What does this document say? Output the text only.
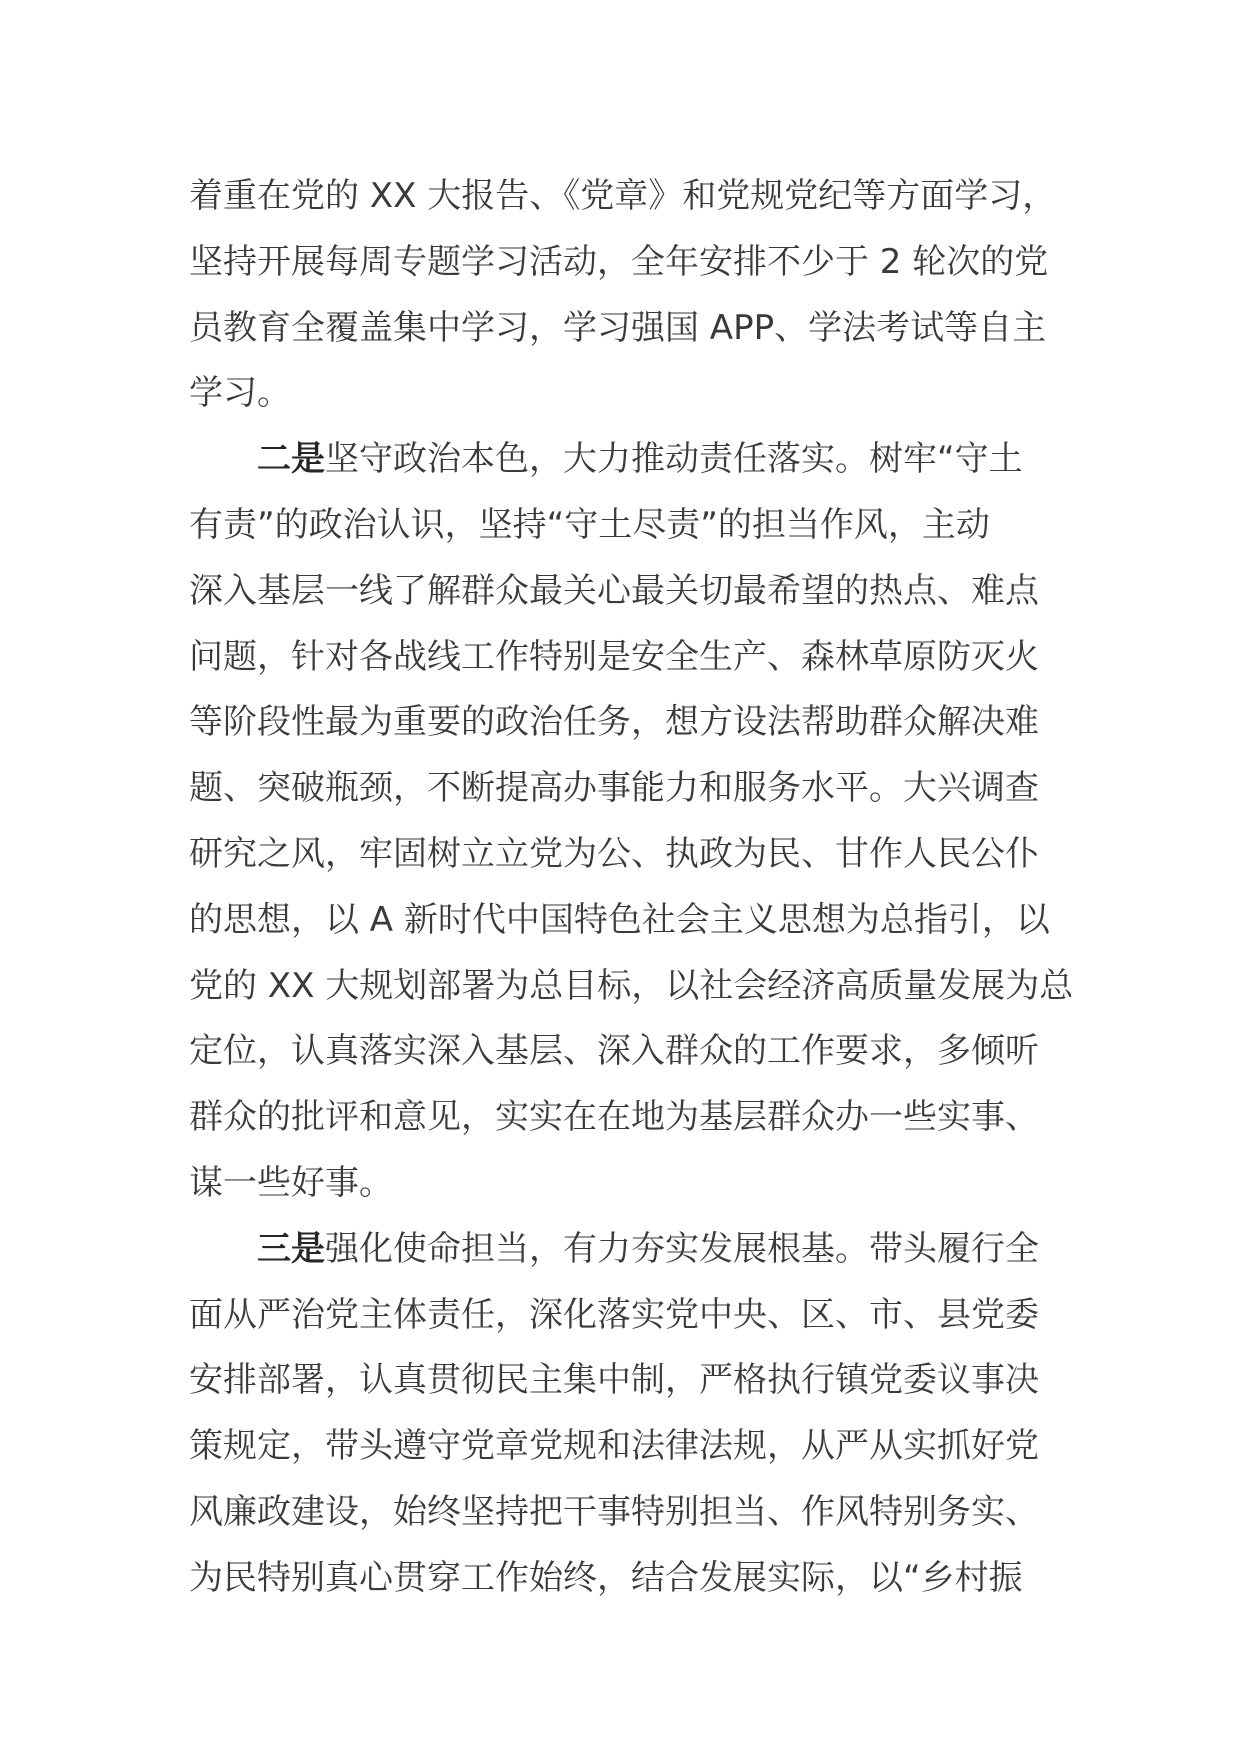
着重在党的 XX 大报告、《党章》和党规党纪等方面学习，
坚持开展每周专题学习活动，全年安排不少于 2 轮次的党
员教育全覆盖集中学习，学习强国 APP、学法考试等自主
学习。
二是坚守政治本色，大力推动责任落实。树牢“守土
有责”的政治认识，坚持“守土尽责”的担当作风，主动
深入基层一线了解群众最关心最关切最希望的热点、难点
问题，针对各战线工作特别是安全生产、森林草原防灭火
等阶段性最为重要的政治任务，想方设法帮助群众解决难
题、突破瓶颈，不断提高办事能力和服务水平。大兴调查
研究之风，牢固树立立党为公、执政为民、甘作人民公仆
的思想，以 A 新时代中国特色社会主义思想为总指引，以
党的 XX 大规划部署为总目标，以社会经济高质量发展为总
定位，认真落实深入基层、深入群众的工作要求，多倾听
群众的批评和意见，实实在在地为基层群众办一些实事、
谋一些好事。
三是强化使命担当，有力夯实发展根基。带头履行全
面从严治党主体责任，深化落实党中央、区、市、县党委
安排部署，认真贯彻民主集中制，严格执行镇党委议事决
策规定，带头遵守党章党规和法律法规，从严从实抓好党
风廉政建设，始终坚持把干事特别担当、作风特别务实、
为民特别真心贯穿工作始终，结合发展实际，以“乡村振
